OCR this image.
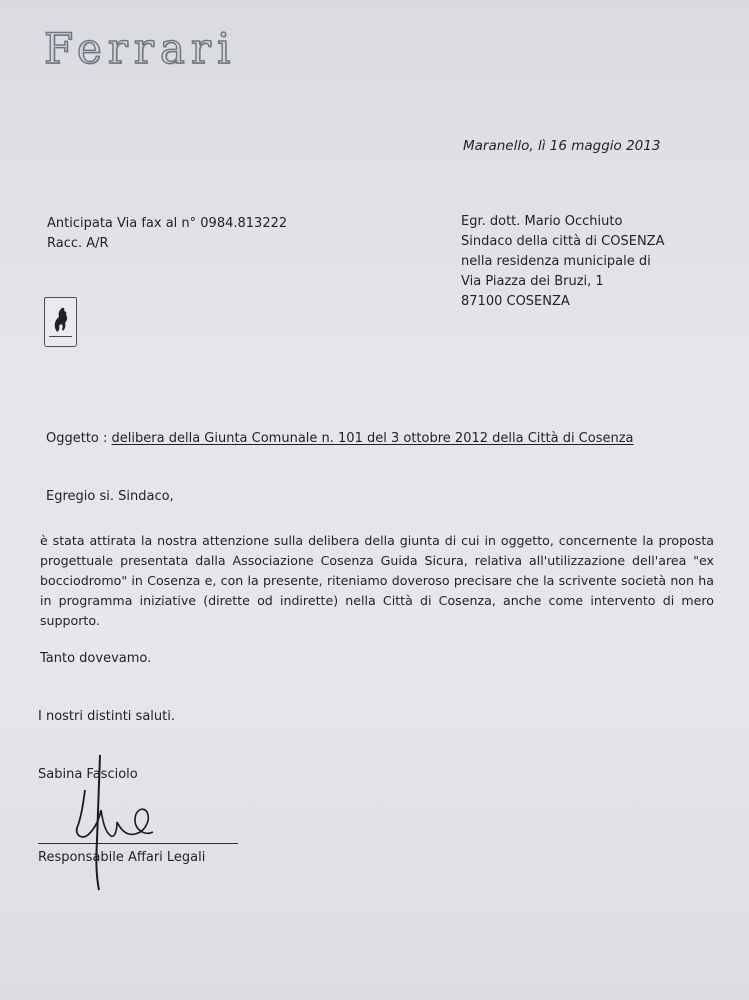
Ferrari
Maranello, lì 16 maggio 2013
Anticipata Via fax al n° 0984.813222
Racc. A/R
Egr. dott. Mario Occhiuto
Sindaco della città di COSENZA
nella residenza municipale di
Via Piazza dei Bruzi, 1
87100 COSENZA
Oggetto : delibera della Giunta Comunale n. 101 del 3 ottobre 2012 della Città di Cosenza
Egregio si. Sindaco,

è stata attirata la nostra attenzione sulla delibera della giunta di cui in oggetto, concernente la proposta progettuale presentata dalla Associazione Cosenza Guida Sicura, relativa all'utilizzazione dell'area "ex bocciodromo" in Cosenza e, con la presente, riteniamo doveroso precisare che la scrivente società non ha in programma iniziative (dirette od indirette) nella Città di Cosenza, anche come intervento di mero supporto.

Tanto dovevamo.
I nostri distinti saluti.
Sabina Fasciolo
Responsabile Affari Legali
